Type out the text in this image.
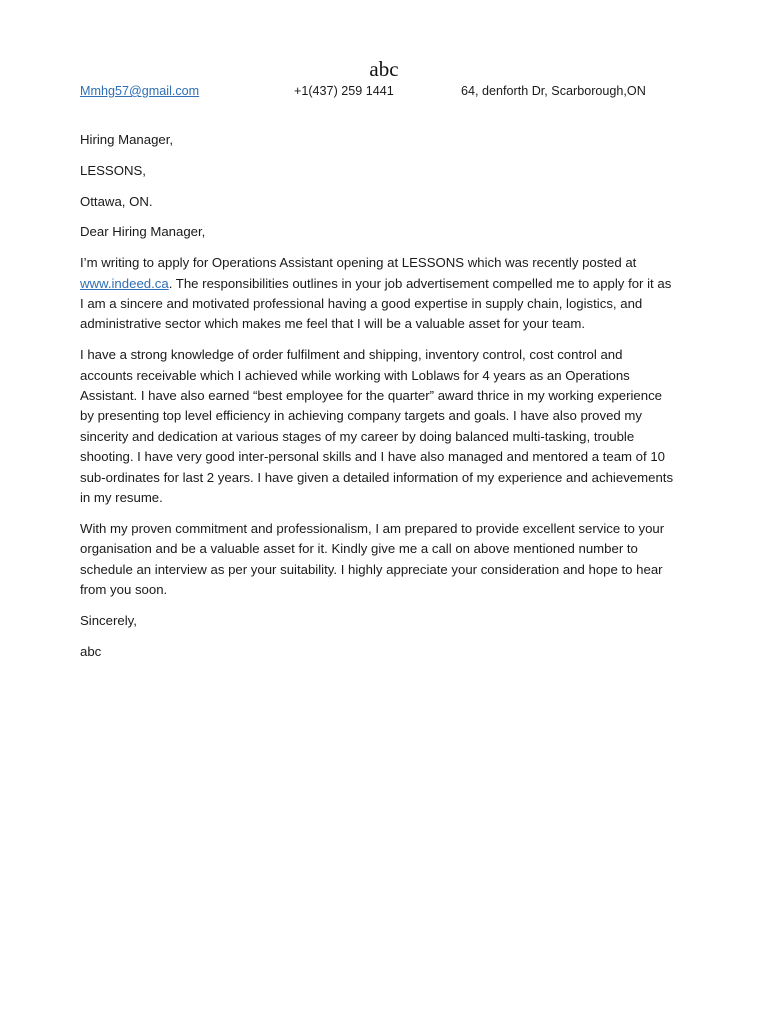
abc
Mmhg57@gmail.com	+1(437) 259 1441	64, denforth Dr, Scarborough,ON

Hiring Manager,

LESSONS,

Ottawa, ON.

Dear Hiring Manager,

I’m writing to apply for Operations Assistant opening at LESSONS which was recently posted at www.indeed.ca. The responsibilities outlines in your job advertisement compelled me to apply for it as I am a sincere and motivated professional having a good expertise in supply chain, logistics, and administrative sector which makes me feel that I will be a valuable asset for your team.

I have a strong knowledge of order fulfilment and shipping, inventory control, cost control and accounts receivable which I achieved while working with Loblaws for 4 years as an Operations Assistant. I have also earned “best employee for the quarter” award thrice in my working experience by presenting top level efficiency in achieving company targets and goals. I have also proved my sincerity and dedication at various stages of my career by doing balanced multi-tasking, trouble shooting. I have very good inter-personal skills and I have also managed and mentored a team of 10 sub-ordinates for last 2 years. I have given a detailed information of my experience and achievements in my resume.

With my proven commitment and professionalism, I am prepared to provide excellent service to your organisation and be a valuable asset for it. Kindly give me a call on above mentioned number to schedule an interview as per your suitability. I highly appreciate your consideration and hope to hear from you soon.

Sincerely,

abc
